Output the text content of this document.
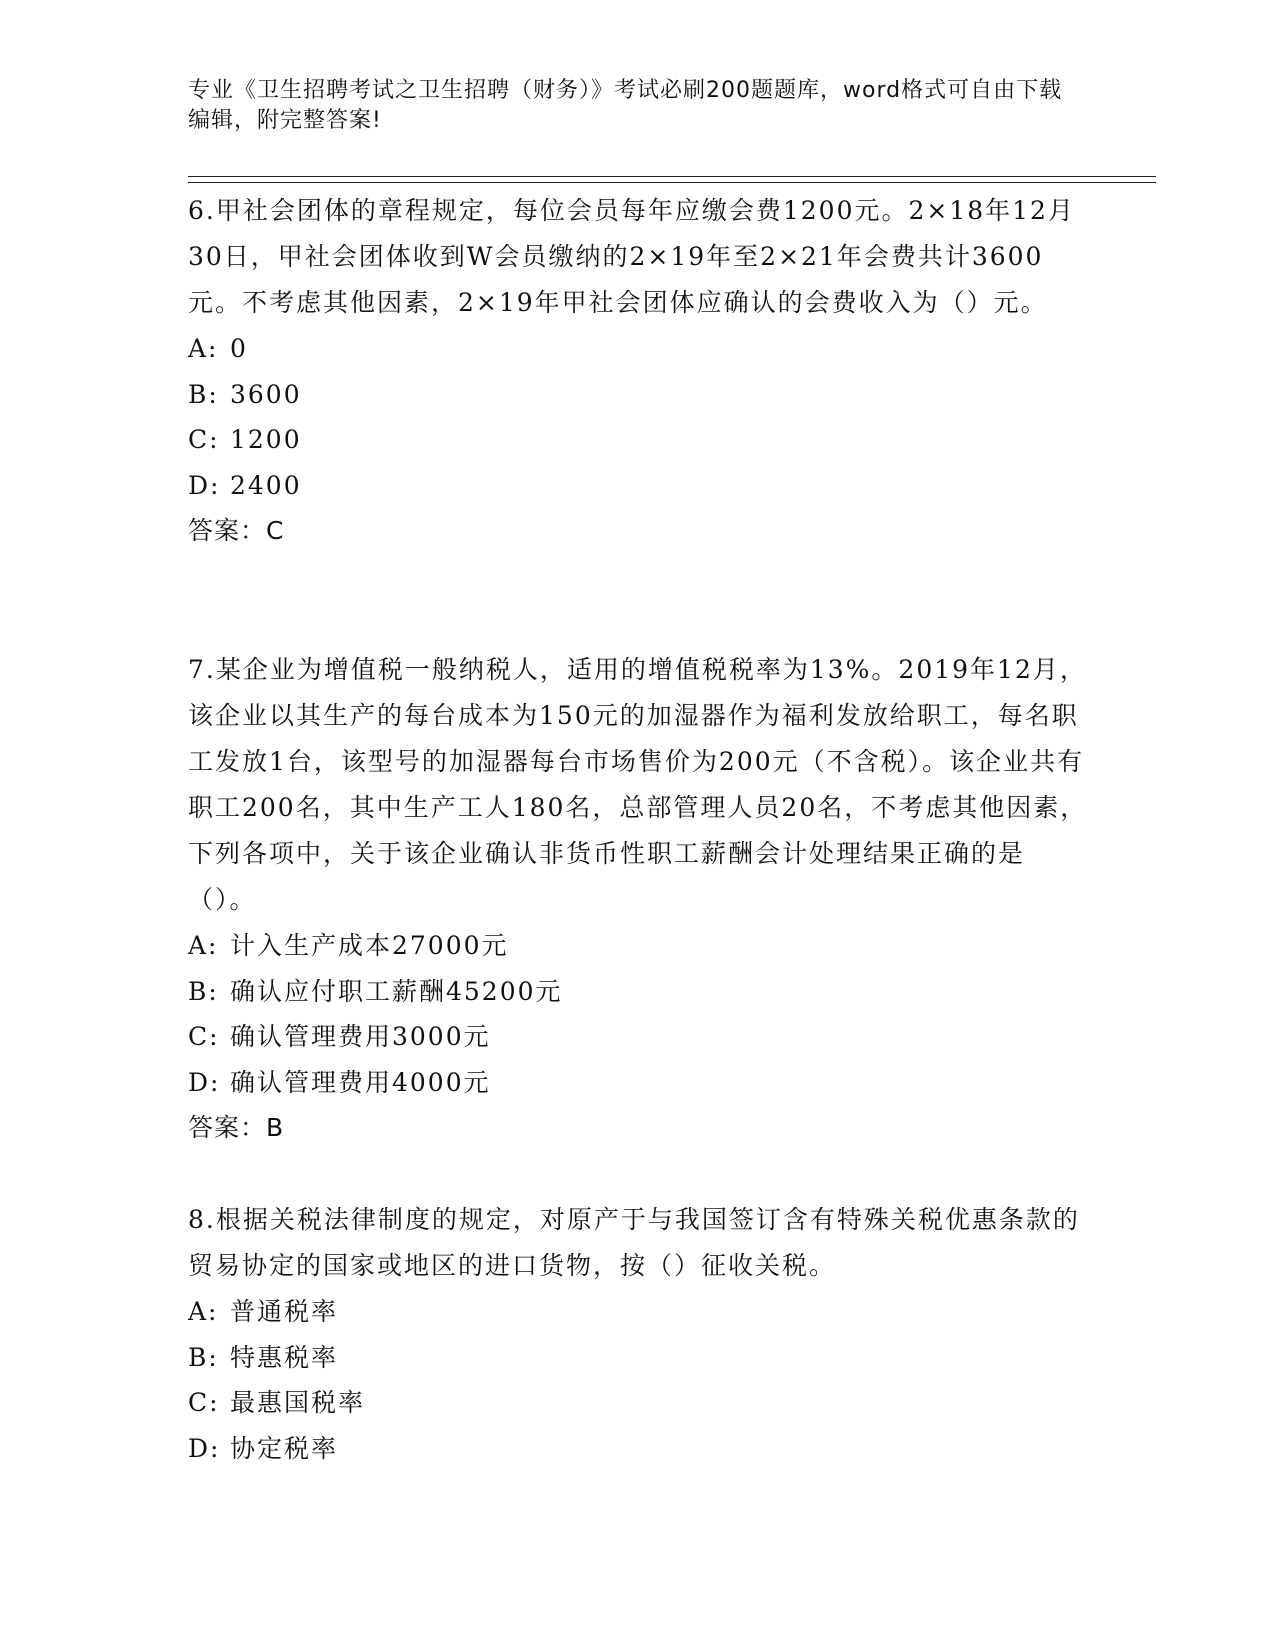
专业《卫生招聘考试之卫生招聘（财务）》考试必刷200题题库，word格式可自由下载编辑，附完整答案!

6.甲社会团体的章程规定，每位会员每年应缴会费1200元。2×18年12月30日，甲社会团体收到W会员缴纳的2×19年至2×21年会费共计3600元。不考虑其他因素，2×19年甲社会团体应确认的会费收入为（）元。

A: 0

B: 3600

C: 1200

D: 2400

答案：C

7.某企业为增值税一般纳税人，适用的增值税税率为13%。2019年12月，该企业以其生产的每台成本为150元的加湿器作为福利发放给职工，每名职工发放1台，该型号的加湿器每台市场售价为200元（不含税）。该企业共有职工200名，其中生产工人180名，总部管理人员20名，不考虑其他因素，下列各项中，关于该企业确认非货币性职工薪酬会计处理结果正确的是（）。

A: 计入生产成本27000元

B: 确认应付职工薪酬45200元

C: 确认管理费用3000元

D: 确认管理费用4000元

答案：B

8.根据关税法律制度的规定，对原产于与我国签订含有特殊关税优惠条款的贸易协定的国家或地区的进口货物，按（）征收关税。

A: 普通税率

B: 特惠税率

C: 最惠国税率

D: 协定税率
